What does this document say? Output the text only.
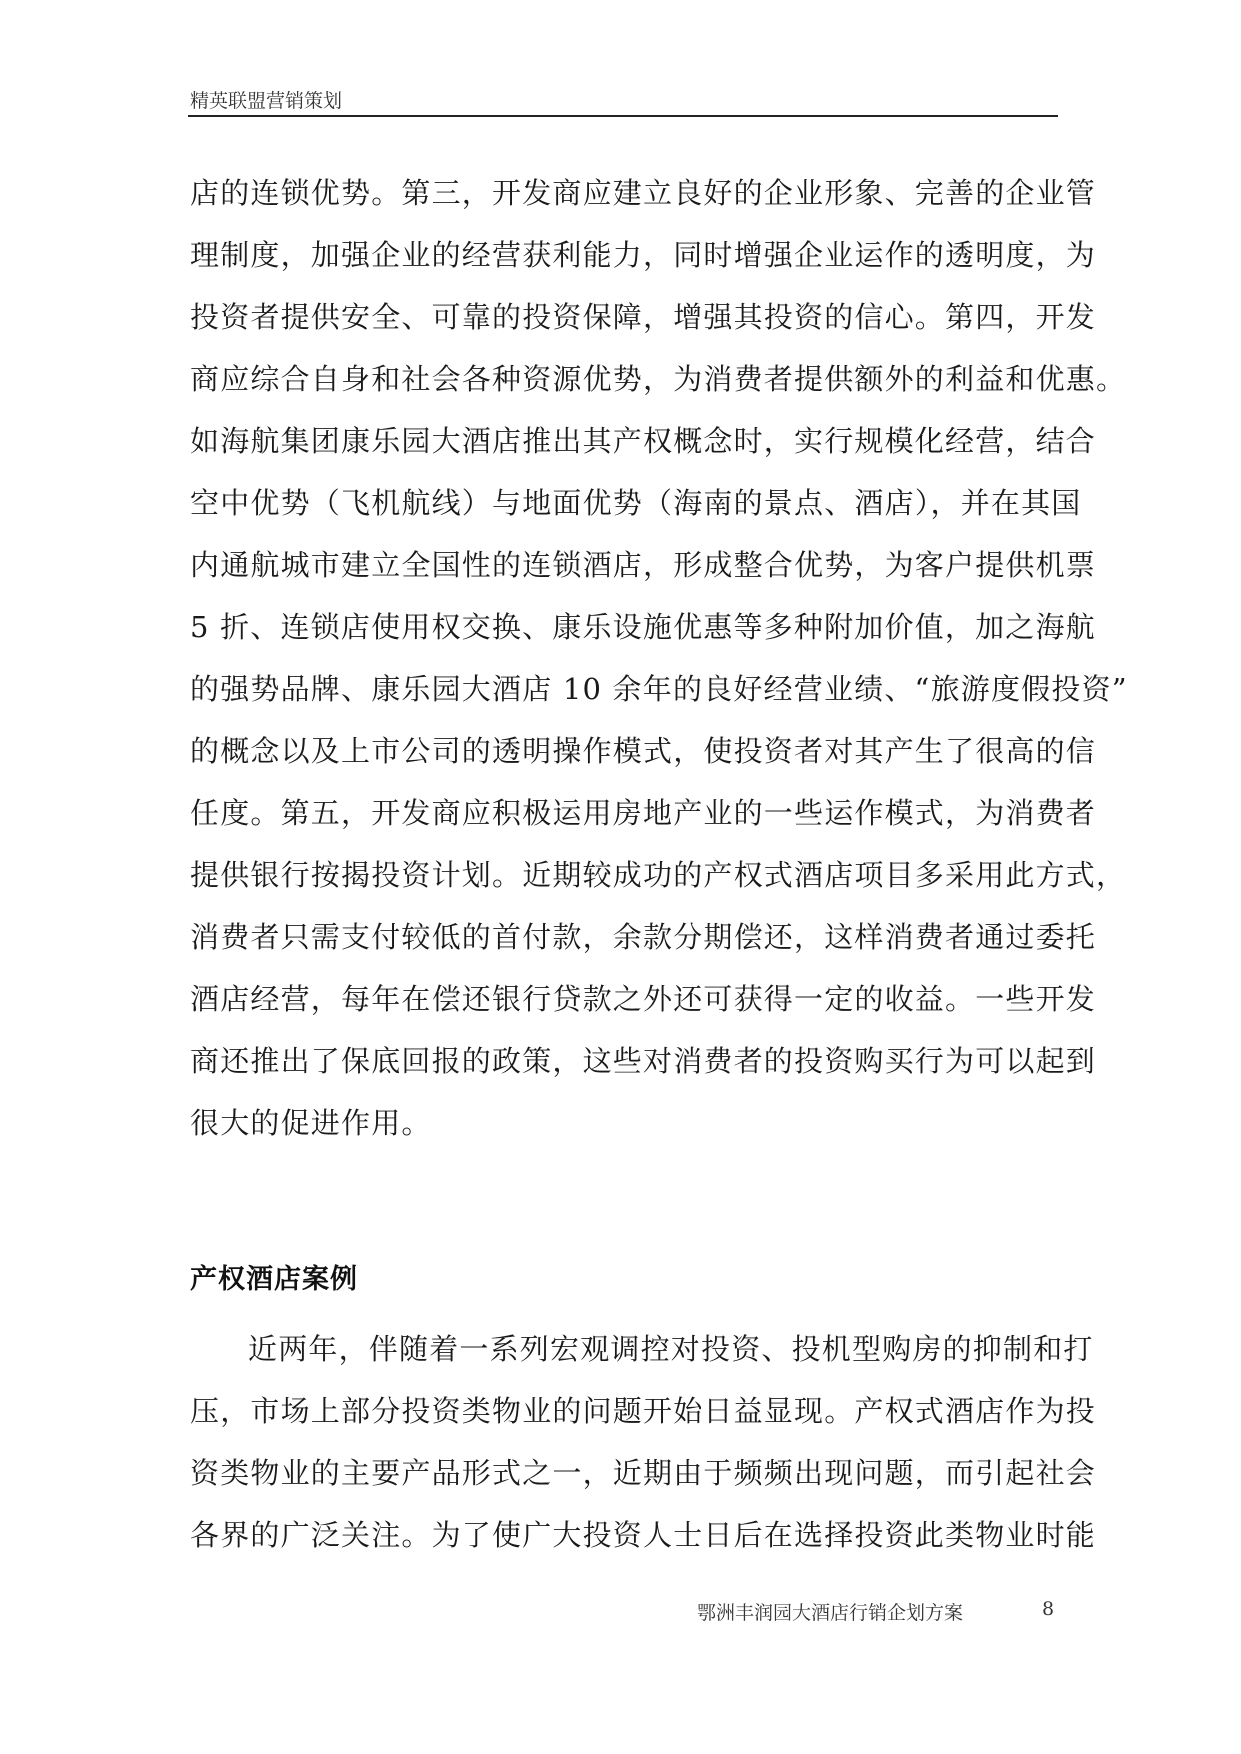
精英联盟营销策划
店的连锁优势。第三，开发商应建立良好的企业形象、完善的企业管
理制度，加强企业的经营获利能力，同时增强企业运作的透明度，为
投资者提供安全、可靠的投资保障，增强其投资的信心。第四，开发
商应综合自身和社会各种资源优势，为消费者提供额外的利益和优惠。
如海航集团康乐园大酒店推出其产权概念时，实行规模化经营，结合
空中优势（飞机航线）与地面优势（海南的景点、酒店），并在其国
内通航城市建立全国性的连锁酒店，形成整合优势，为客户提供机票
5 折、连锁店使用权交换、康乐设施优惠等多种附加价值，加之海航
的强势品牌、康乐园大酒店 10 余年的良好经营业绩、“旅游度假投资”
的概念以及上市公司的透明操作模式，使投资者对其产生了很高的信
任度。第五，开发商应积极运用房地产业的一些运作模式，为消费者
提供银行按揭投资计划。近期较成功的产权式酒店项目多采用此方式，
消费者只需支付较低的首付款，余款分期偿还，这样消费者通过委托
酒店经营，每年在偿还银行贷款之外还可获得一定的收益。一些开发
商还推出了保底回报的政策，这些对消费者的投资购买行为可以起到
很大的促进作用。
产权酒店案例
近两年，伴随着一系列宏观调控对投资、投机型购房的抑制和打
压，市场上部分投资类物业的问题开始日益显现。产权式酒店作为投
资类物业的主要产品形式之一，近期由于频频出现问题，而引起社会
各界的广泛关注。为了使广大投资人士日后在选择投资此类物业时能
鄂洲丰润园大酒店行销企划方案	8
